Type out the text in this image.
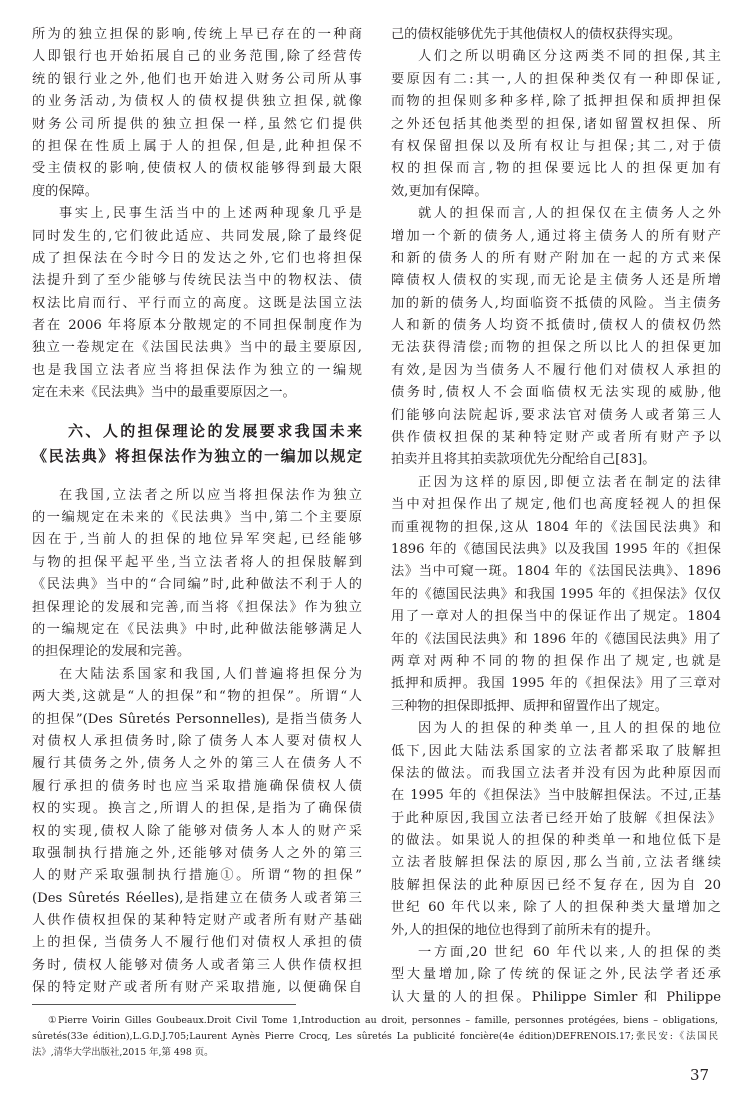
所为的独立担保的影响,传统上早已存在的一种商
人即银行也开始拓展自己的业务范围,除了经营传
统的银行业之外,他们也开始进入财务公司所从事
的业务活动,为债权人的债权提供独立担保,就像
财务公司所提供的独立担保一样,虽然它们提供
的担保在性质上属于人的担保,但是,此种担保不
受主债权的影响,使债权人的债权能够得到最大限
度的保障。
事实上,民事生活当中的上述两种现象几乎是
同时发生的,它们彼此适应、共同发展,除了最终促
成了担保法在今时今日的发达之外,它们也将担保
法提升到了至少能够与传统民法当中的物权法、债
权法比肩而行、平行而立的高度。这既是法国立法
者在 2006 年将原本分散规定的不同担保制度作为
独立一卷规定在《法国民法典》当中的最主要原因,
也是我国立法者应当将担保法作为独立的一编规
定在未来《民法典》当中的最重要原因之一。
六、人的担保理论的发展要求我国未来
《民法典》将担保法作为独立的一编加以规定
在我国,立法者之所以应当将担保法作为独立
的一编规定在未来的《民法典》当中,第二个主要原
因在于,当前人的担保的地位异军突起,已经能够
与物的担保平起平坐,当立法者将人的担保肢解到
《民法典》当中的“合同编”时,此种做法不利于人的
担保理论的发展和完善,而当将《担保法》作为独立
的一编规定在《民法典》中时,此种做法能够满足人
的担保理论的发展和完善。
在大陆法系国家和我国,人们普遍将担保分为
两大类,这就是“人的担保”和“物的担保”。所谓“人
的担保”(Des Sûretés Personnelles), 是指当债务人
对债权人承担债务时,除了债务人本人要对债权人
履行其债务之外,债务人之外的第三人在债务人不
履行承担的债务时也应当采取措施确保债权人债
权的实现。换言之,所谓人的担保,是指为了确保债
权的实现,债权人除了能够对债务人本人的财产采
取强制执行措施之外,还能够对债务人之外的第三
人的财产采取强制执行措施①。所谓“物的担保”
(Des Sûretés Réelles),是指建立在债务人或者第三
人供作债权担保的某种特定财产或者所有财产基础
上的担保, 当债务人不履行他们对债权人承担的债
务时, 债权人能够对债务人或者第三人供作债权担
保的特定财产或者所有财产采取措施, 以便确保自
己的债权能够优先于其他债权人的债权获得实现。
人们之所以明确区分这两类不同的担保,其主
要原因有二:其一,人的担保种类仅有一种即保证,
而物的担保则多种多样,除了抵押担保和质押担保
之外还包括其他类型的担保,诸如留置权担保、所
有权保留担保以及所有权让与担保;其二,对于债
权的担保而言,物的担保要远比人的担保更加有
效,更加有保障。
就人的担保而言,人的担保仅在主债务人之外
增加一个新的债务人,通过将主债务人的所有财产
和新的债务人的所有财产附加在一起的方式来保
障债权人债权的实现,而无论是主债务人还是所增
加的新的债务人,均面临资不抵债的风险。当主债务
人和新的债务人均资不抵债时,债权人的债权仍然
无法获得清偿;而物的担保之所以比人的担保更加
有效,是因为当债务人不履行他们对债权人承担的
债务时,债权人不会面临债权无法实现的威胁,他
们能够向法院起诉,要求法官对债务人或者第三人
供作债权担保的某种特定财产或者所有财产予以
拍卖并且将其拍卖款项优先分配给自己[83]。
正因为这样的原因,即便立法者在制定的法律
当中对担保作出了规定,他们也高度轻视人的担保
而重视物的担保,这从 1804 年的《法国民法典》和
1896 年的《德国民法典》以及我国 1995 年的《担保
法》当中可窥一斑。1804 年的《法国民法典》、1896
年的《德国民法典》和我国 1995 年的《担保法》仅仅
用了一章对人的担保当中的保证作出了规定。1804
年的《法国民法典》和 1896 年的《德国民法典》用了
两章对两种不同的物的担保作出了规定,也就是
抵押和质押。我国 1995 年的《担保法》用了三章对
三种物的担保即抵押、质押和留置作出了规定。
因为人的担保的种类单一,且人的担保的地位
低下,因此大陆法系国家的立法者都采取了肢解担
保法的做法。而我国立法者并没有因为此种原因而
在 1995 年的《担保法》当中肢解担保法。不过,正基
于此种原因,我国立法者已经开始了肢解《担保法》
的做法。如果说人的担保的种类单一和地位低下是
立法者肢解担保法的原因,那么当前,立法者继续
肢解担保法的此种原因已经不复存在, 因为自 20
世纪 60 年代以来, 除了人的担保种类大量增加之
外,人的担保的地位也得到了前所未有的提升。
一方面,20 世纪 60 年代以来,人的担保的类
型大量增加,除了传统的保证之外,民法学者还承
认大量的人的担保。Philippe Simler 和 Philippe
①Pierre Voirin Gilles Goubeaux.Droit Civil Tome 1,Introduction au droit, personnes – famille, personnes protégées, biens – obligations,
sûretés(33e édition),L.G.D.J.705;Laurent Aynès Pierre Crocq, Les sûretés La publicité foncière(4e édition)DEFRENOIS.17;张民安:《法国民
法》,清华大学出版社,2015 年,第 498 页。
37
